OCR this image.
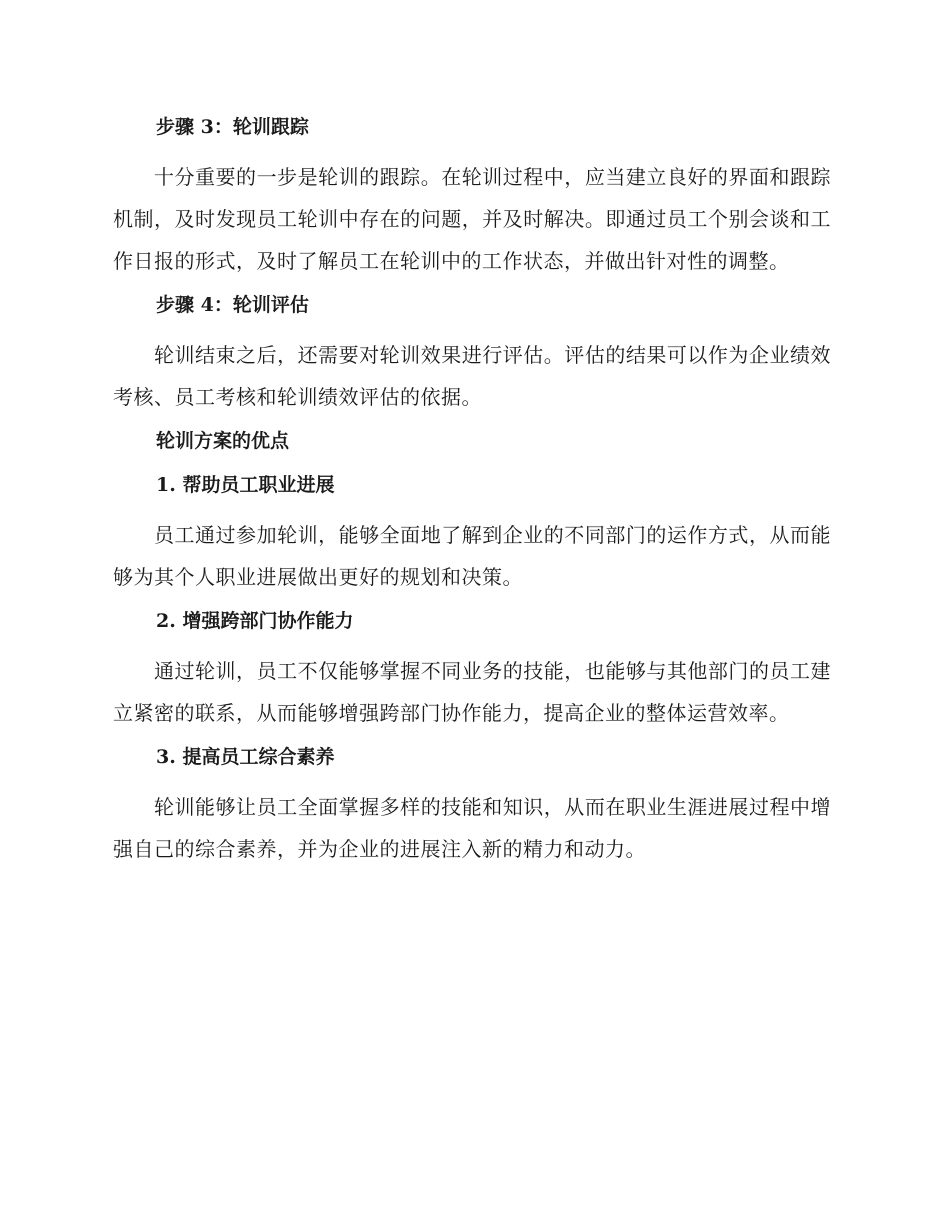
步骤 3：轮训跟踪
十分重要的一步是轮训的跟踪。在轮训过程中，应当建立良好的界面和跟踪机制，及时发现员工轮训中存在的问题，并及时解决。即通过员工个别会谈和工作日报的形式，及时了解员工在轮训中的工作状态，并做出针对性的调整。
步骤 4：轮训评估
轮训结束之后，还需要对轮训效果进行评估。评估的结果可以作为企业绩效考核、员工考核和轮训绩效评估的依据。
轮训方案的优点
1. 帮助员工职业进展
员工通过参加轮训，能够全面地了解到企业的不同部门的运作方式，从而能够为其个人职业进展做出更好的规划和决策。
2. 增强跨部门协作能力
通过轮训，员工不仅能够掌握不同业务的技能，也能够与其他部门的员工建立紧密的联系，从而能够增强跨部门协作能力，提高企业的整体运营效率。
3. 提高员工综合素养
轮训能够让员工全面掌握多样的技能和知识，从而在职业生涯进展过程中增强自己的综合素养，并为企业的进展注入新的精力和动力。
